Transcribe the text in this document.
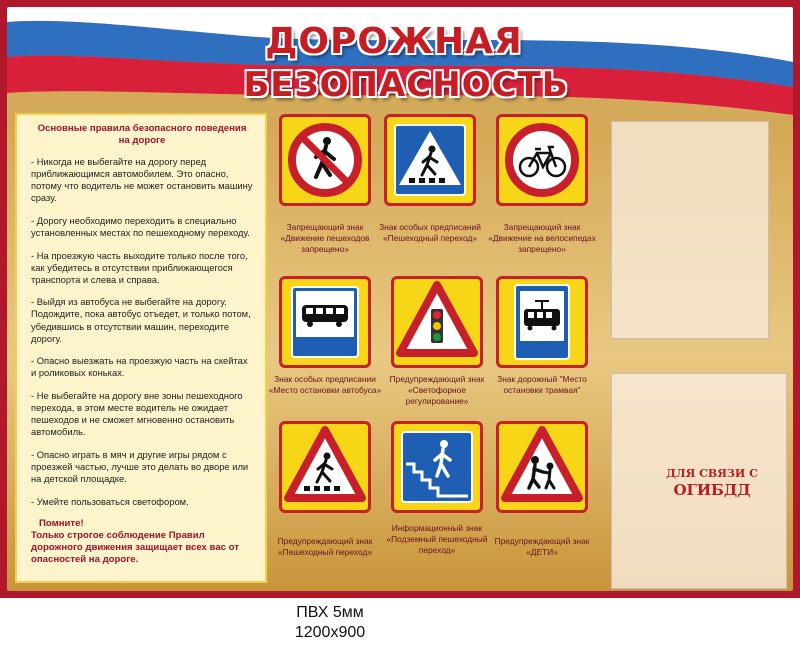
ДОРОЖНАЯ
БЕЗОПАСНОСТЬ
Основные правила безопасного поведения на дороге
- Никогда не выбегайте на дорогу перед приближающимся автомобилем. Это опасно, потому что водитель не может остановить машину сразу.
- Дорогу необходимо переходить в специально установленных местах по пешеходному переходу.
- На проезжую часть выходите только после того, как убедитесь в отсутствии приближающегося транспорта и слева и справа.
- Выйдя из автобуса не выбегайте на дорогу. Подождите, пока автобус отъедет, и только потом, убедившись в отсутствии машин, переходите дорогу.
- Опасно выезжать на проезжую часть на скейтах и роликовых коньках.
- Не выбегайте на дорогу вне зоны пешеходного перехода, в этом месте водитель не ожидает пешеходов и не сможет мгновенно остановить автомобиль.
- Опасно играть в мяч и другие игры рядом с проезжей частью, лучше это делать во дворе или на детской площадке.
- Умейте пользоваться светофором.
Помните!
Только строгое соблюдение Правил дорожного движения защищает всех вас от опасностей на дороге.
Запрещающий знак «Движение пешеходов запрещено»
Знак особых предписаний «Пешеходный переход»
Запрещающий знак «Движение на велосипедах запрещено»
Знак особых предписании «Место остановки автобуса»
Предупреждающий знак «Светофорное регулирование»
Знак дорожный "Место остановки трамвая"
Предупреждающий знак «Пешеходный переход»
Информационный знак «Подземный пешеходный переход»
Предупреждающий знак «ДЕТИ»
ДЛЯ СВЯЗИ С
ОГИБДД
ПВХ 5мм
1200x900
